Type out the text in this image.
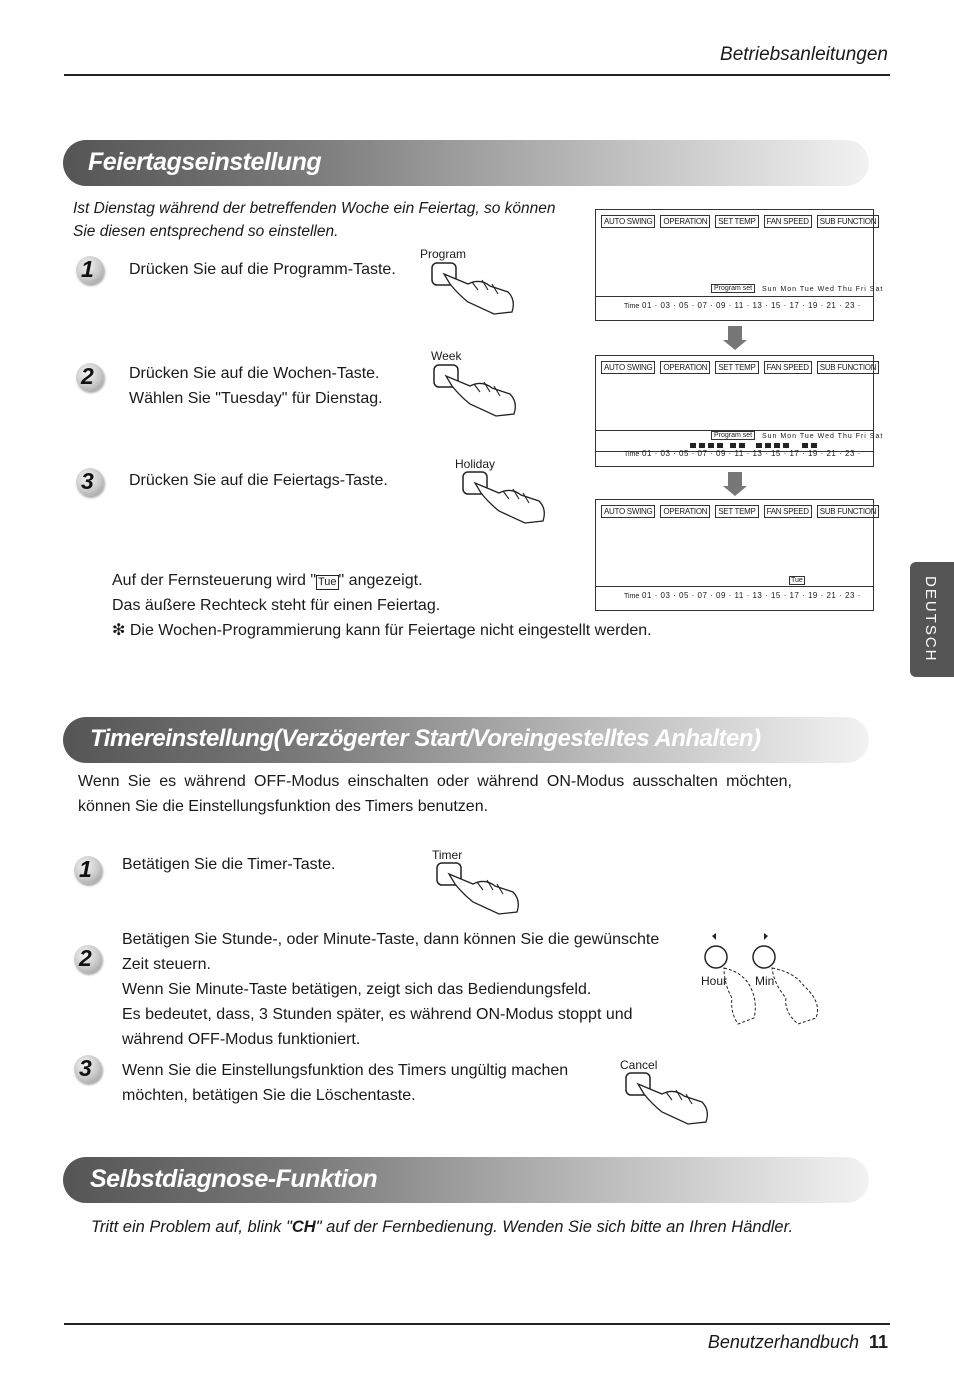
Betriebsanleitungen
Feiertagseinstellung
Ist Dienstag während der betreffenden Woche ein Feiertag, so können
Sie diesen entsprechend so einstellen.
1 Drücken Sie auf die Programm-Taste.
Program
2 Drücken Sie auf die Wochen-Taste.
Wählen Sie "Tuesday" für Dienstag.
Week
3 Drücken Sie auf die Feiertags-Taste.
Holiday
AUTO SWING	OPERATION	SET TEMP	FAN SPEED	SUB FUNCTION
Program set	Sun Mon Tue Wed Thu Fri Sat
Time 01 · 03 · 05 · 07 · 09 · 11 · 13 · 15 · 17 · 19 · 21 · 23 ·
AUTO SWING	OPERATION	SET TEMP	FAN SPEED	SUB FUNCTION
Program set	Sun Mon Tue Wed Thu Fri Sat
Time 01 · 03 · 05 · 07 · 09 · 11 · 13 · 15 · 17 · 19 · 21 · 23 ·
AUTO SWING	OPERATION	SET TEMP	FAN SPEED	SUB FUNCTION
Tue
Time 01 · 03 · 05 · 07 · 09 · 11 · 13 · 15 · 17 · 19 · 21 · 23 ·
Auf der Fernsteuerung wird " Tue " angezeigt.
Das äußere Rechteck steht für einen Feiertag.
❇ Die Wochen-Programmierung kann für Feiertage nicht eingestellt werden.	DEUTSCH
Timereinstellung(Verzögerter Start/Voreingestelltes Anhalten)
Wenn Sie es während OFF-Modus einschalten oder während ON-Modus ausschalten möchten,
können Sie die Einstellungsfunktion des Timers benutzen.
1 Betätigen Sie die Timer-Taste.
Timer
2
Betätigen Sie Stunde-, oder Minute-Taste, dann können Sie die gewünschte
Zeit steuern.
Wenn Sie Minute-Taste betätigen, zeigt sich das Bediendungsfeld.
Es bedeutet, dass, 3 Stunden später, es während ON-Modus stoppt und
während OFF-Modus funktioniert.
Hour Min
3 Wenn Sie die Einstellungsfunktion des Timers ungültig machen
möchten, betätigen Sie die Löschentaste.
Cancel
Selbstdiagnose-Funktion
Tritt ein Problem auf, blink "CH" auf der Fernbedienung. Wenden Sie sich bitte an Ihren Händler.
Benutzerhandbuch 11
